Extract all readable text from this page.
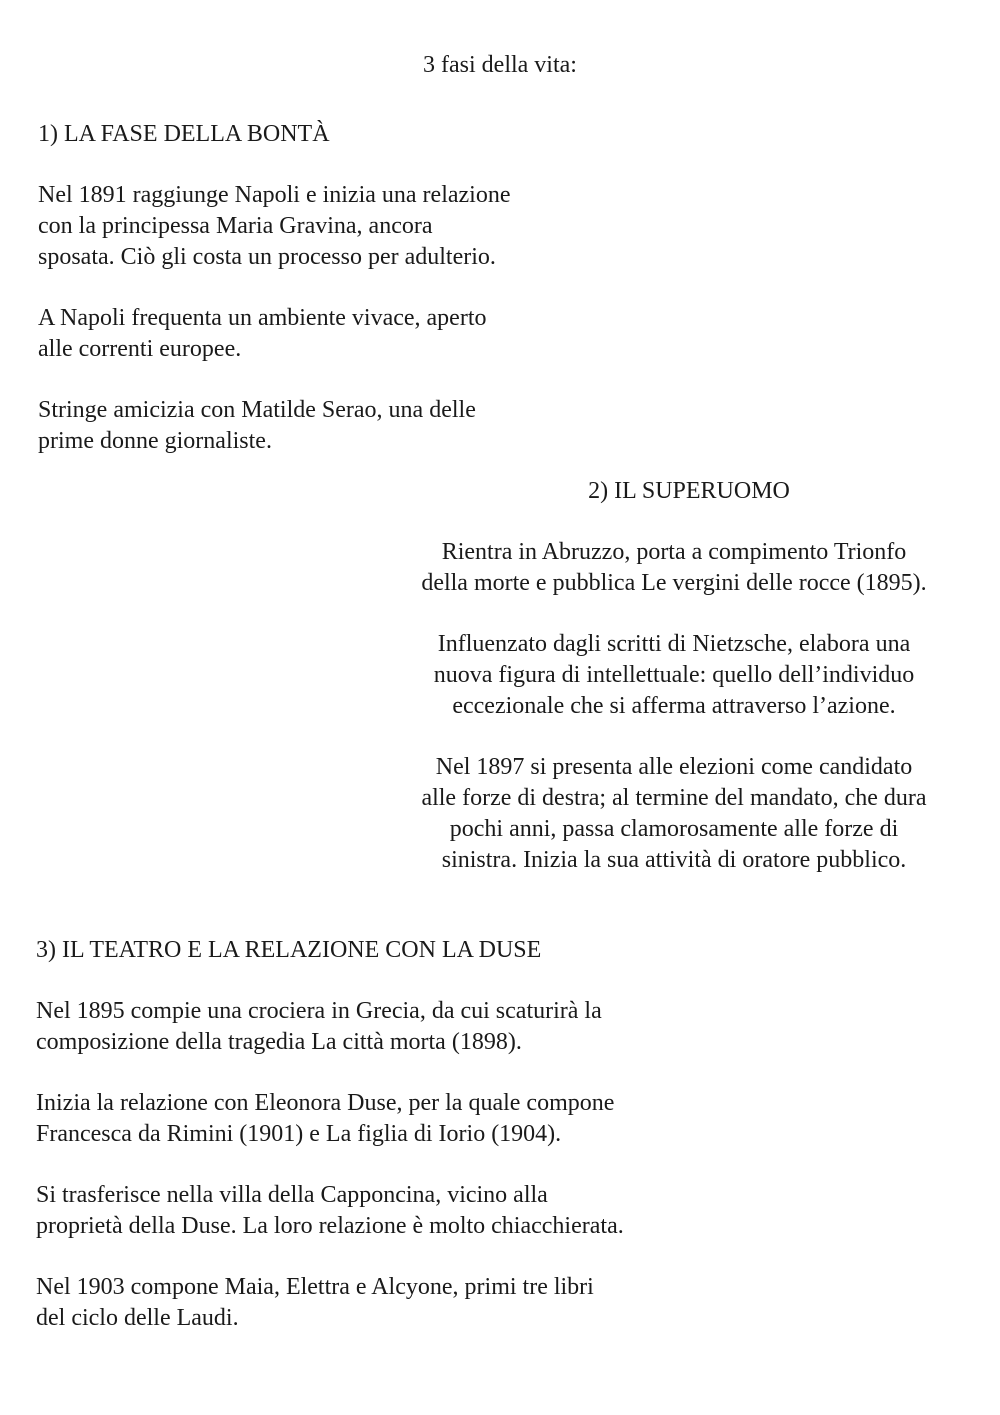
3 fasi della vita:
1) LA FASE DELLA BONTÀ
Nel 1891 raggiunge Napoli e inizia una relazione
con la principessa Maria Gravina, ancora
sposata. Ciò gli costa un processo per adulterio.
A Napoli frequenta un ambiente vivace, aperto
alle correnti europee.
Stringe amicizia con Matilde Serao, una delle
prime donne giornaliste.
2) IL SUPERUOMO
Rientra in Abruzzo, porta a compimento Trionfo
della morte e pubblica Le vergini delle rocce (1895).
Influenzato dagli scritti di Nietzsche, elabora una
nuova figura di intellettuale: quello dell’individuo
eccezionale che si afferma attraverso l’azione.
Nel 1897 si presenta alle elezioni come candidato
alle forze di destra; al termine del mandato, che dura
pochi anni, passa clamorosamente alle forze di
sinistra. Inizia la sua attività di oratore pubblico.
3) IL TEATRO E LA RELAZIONE CON LA DUSE
Nel 1895 compie una crociera in Grecia, da cui scaturirà la
composizione della tragedia La città morta (1898).
Inizia la relazione con Eleonora Duse, per la quale compone
Francesca da Rimini (1901) e La figlia di Iorio (1904).
Si trasferisce nella villa della Capponcina, vicino alla
proprietà della Duse. La loro relazione è molto chiacchierata.
Nel 1903 compone Maia, Elettra e Alcyone, primi tre libri
del ciclo delle Laudi.
